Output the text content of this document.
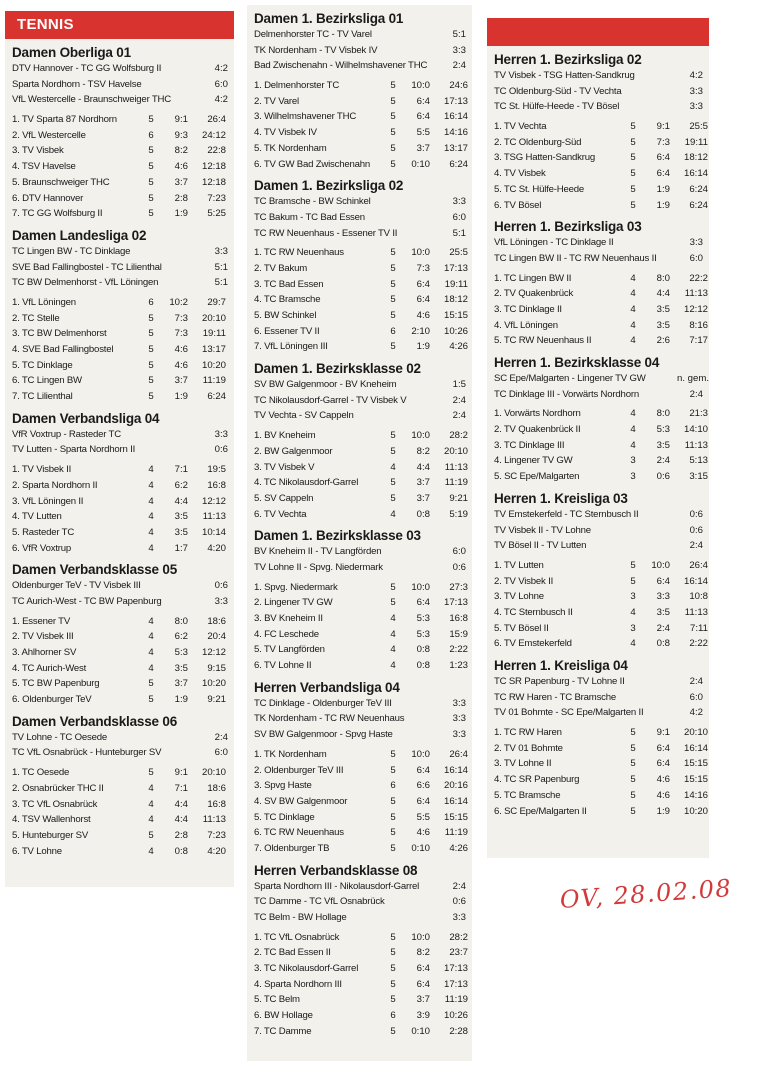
TENNIS
Damen Oberliga 01
DTV Hannover - TC GG Wolfsburg II	4:2
Sparta Nordhorn - TSV Havelse	6:0
VfL Westercelle - Braunschweiger THC	4:2
1. TV Sparta 87 Nordhorn	5	9:1	26:4
2. VfL Westercelle	6	9:3	24:12
3. TV Visbek	5	8:2	22:8
4. TSV Havelse	5	4:6	12:18
5. Braunschweiger THC	5	3:7	12:18
6. DTV Hannover	5	2:8	7:23
7. TC GG Wolfsburg II	5	1:9	5:25
Damen Landesliga 02
TC Lingen BW - TC Dinklage	3:3
SVE Bad Fallingbostel - TC Lilienthal	5:1
TC BW Delmenhorst - VfL Löningen	5:1
1. VfL Löningen	6	10:2	29:7
2. TC Stelle	5	7:3	20:10
3. TC BW Delmenhorst	5	7:3	19:11
4. SVE Bad Fallingbostel	5	4:6	13:17
5. TC Dinklage	5	4:6	10:20
6. TC Lingen BW	5	3:7	11:19
7. TC Lilienthal	5	1:9	6:24
Damen Verbandsliga 04
VfR Voxtrup - Rasteder TC	3:3
TV Lutten - Sparta Nordhorn II	0:6
1. TV Visbek II	4	7:1	19:5
2. Sparta Nordhorn II	4	6:2	16:8
3. VfL Löningen II	4	4:4	12:12
4. TV Lutten	4	3:5	11:13
5. Rasteder TC	4	3:5	10:14
6. VfR Voxtrup	4	1:7	4:20
Damen Verbandsklasse 05
Oldenburger TeV - TV Visbek III	0:6
TC Aurich-West - TC BW Papenburg	3:3
1. Essener TV	4	8:0	18:6
2. TV Visbek III	4	6:2	20:4
3. Ahlhorner SV	4	5:3	12:12
4. TC Aurich-West	4	3:5	9:15
5. TC BW Papenburg	5	3:7	10:20
6. Oldenburger TeV	5	1:9	9:21
Damen Verbandsklasse 06
TV Lohne - TC Oesede	2:4
TC VfL Osnabrück - Hunteburger SV	6:0
1. TC Oesede	5	9:1	20:10
2. Osnabrücker THC II	4	7:1	18:6
3. TC VfL Osnabrück	4	4:4	16:8
4. TSV Wallenhorst	4	4:4	11:13
5. Hunteburger SV	5	2:8	7:23
6. TV Lohne	4	0:8	4:20
Damen 1. Bezirksliga 01
Delmenhorster TC - TV Varel	5:1
TK Nordenham - TV Visbek IV	3:3
Bad Zwischenahn - Wilhelmshavener THC	2:4
1. Delmenhorster TC	5	10:0	24:6
2. TV Varel	5	6:4	17:13
3. Wilhelmshavener THC	5	6:4	16:14
4. TV Visbek IV	5	5:5	14:16
5. TK Nordenham	5	3:7	13:17
6. TV GW Bad Zwischenahn	5	0:10	6:24
Damen 1. Bezirksliga 02
TC Bramsche - BW Schinkel	3:3
TC Bakum - TC Bad Essen	6:0
TC RW Neuenhaus - Essener TV II	5:1
1. TC RW Neuenhaus	5	10:0	25:5
2. TV Bakum	5	7:3	17:13
3. TC Bad Essen	5	6:4	19:11
4. TC Bramsche	5	6:4	18:12
5. BW Schinkel	5	4:6	15:15
6. Essener TV II	6	2:10	10:26
7. VfL Löningen III	5	1:9	4:26
Damen 1. Bezirksklasse 02
SV BW Galgenmoor - BV Kneheim	1:5
TC Nikolausdorf-Garrel - TV Visbek V	2:4
TV Vechta - SV Cappeln	2:4
1. BV Kneheim	5	10:0	28:2
2. BW Galgenmoor	5	8:2	20:10
3. TV Visbek V	4	4:4	11:13
4. TC Nikolausdorf-Garrel	5	3:7	11:19
5. SV Cappeln	5	3:7	9:21
6. TV Vechta	4	0:8	5:19
Damen 1. Bezirksklasse 03
BV Kneheim II - TV Langförden	6:0
TV Lohne II - Spvg. Niedermark	0:6
1. Spvg. Niedermark	5	10:0	27:3
2. Lingener TV GW	5	6:4	17:13
3. BV Kneheim II	4	5:3	16:8
4. FC Leschede	4	5:3	15:9
5. TV Langförden	4	0:8	2:22
6. TV Lohne II	4	0:8	1:23
Herren Verbandsliga 04
TC Dinklage - Oldenburger TeV III	3:3
TK Nordenham - TC RW Neuenhaus	3:3
SV BW Galgenmoor - Spvg Haste	3:3
1. TK Nordenham	5	10:0	26:4
2. Oldenburger TeV III	5	6:4	16:14
3. Spvg Haste	6	6:6	20:16
4. SV BW Galgenmoor	5	6:4	16:14
5. TC Dinklage	5	5:5	15:15
6. TC RW Neuenhaus	5	4:6	11:19
7. Oldenburger TB	5	0:10	4:26
Herren Verbandsklasse 08
Sparta Nordhorn III - Nikolausdorf-Garrel	2:4
TC Damme - TC VfL Osnabrück	0:6
TC Belm - BW Hollage	3:3
1. TC VfL Osnabrück	5	10:0	28:2
2. TC Bad Essen II	5	8:2	23:7
3. TC Nikolausdorf-Garrel	5	6:4	17:13
4. Sparta Nordhorn III	5	6:4	17:13
5. TC Belm	5	3:7	11:19
6. BW Hollage	6	3:9	10:26
7. TC Damme	5	0:10	2:28
Herren 1. Bezirksliga 02
TV Visbek - TSG Hatten-Sandkrug	4:2
TC Oldenburg-Süd - TV Vechta	3:3
TC St. Hülfe-Heede - TV Bösel	3:3
1. TV Vechta	5	9:1	25:5
2. TC Oldenburg-Süd	5	7:3	19:11
3. TSG Hatten-Sandkrug	5	6:4	18:12
4. TV Visbek	5	6:4	16:14
5. TC St. Hülfe-Heede	5	1:9	6:24
6. TV Bösel	5	1:9	6:24
Herren 1. Bezirksliga 03
VfL Löningen - TC Dinklage II	3:3
TC Lingen BW II - TC RW Neuenhaus II	6:0
1. TC Lingen BW II	4	8:0	22:2
2. TV Quakenbrück	4	4:4	11:13
3. TC Dinklage II	4	3:5	12:12
4. VfL Löningen	4	3:5	8:16
5. TC RW Neuenhaus II	4	2:6	7:17
Herren 1. Bezirksklasse 04
SC Epe/Malgarten - Lingener TV GW	n. gem.
TC Dinklage III - Vorwärts Nordhorn	2:4
1. Vorwärts Nordhorn	4	8:0	21:3
2. TV Quakenbrück II	4	5:3	14:10
3. TC Dinklage III	4	3:5	11:13
4. Lingener TV GW	3	2:4	5:13
5. SC Epe/Malgarten	3	0:6	3:15
Herren 1. Kreisliga 03
TV Emstekerfeld - TC Sternbusch II	0:6
TV Visbek II - TV Lohne	0:6
TV Bösel II - TV Lutten	2:4
1. TV Lutten	5	10:0	26:4
2. TV Visbek II	5	6:4	16:14
3. TV Lohne	3	3:3	10:8
4. TC Sternbusch II	4	3:5	11:13
5. TV Bösel II	3	2:4	7:11
6. TV Emstekerfeld	4	0:8	2:22
Herren 1. Kreisliga 04
TC SR Papenburg - TV Lohne II	2:4
TC RW Haren - TC Bramsche	6:0
TV 01 Bohmte - SC Epe/Malgarten II	4:2
1. TC RW Haren	5	9:1	20:10
2. TV 01 Bohmte	5	6:4	16:14
3. TV Lohne II	5	6:4	15:15
4. TC SR Papenburg	5	4:6	15:15
5. TC Bramsche	5	4:6	14:16
6. SC Epe/Malgarten II	5	1:9	10:20
OV, 28.02.08
